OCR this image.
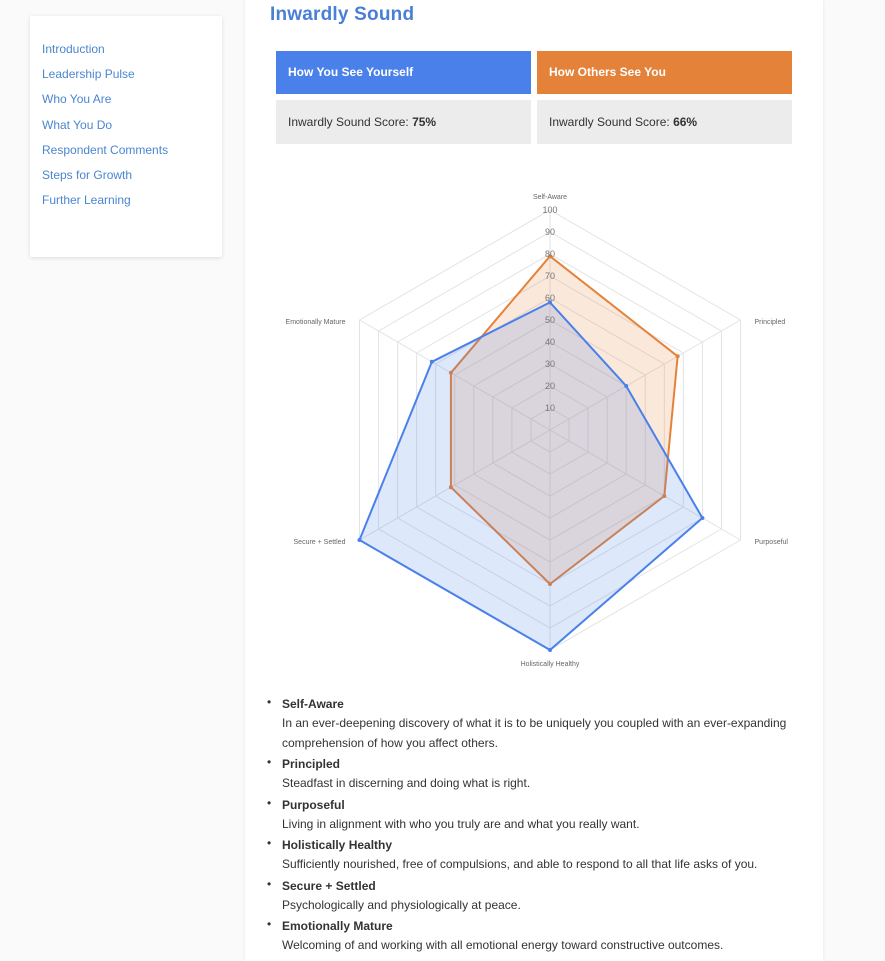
Introduction
Leadership Pulse
Who You Are
What You Do
Respondent Comments
Steps for Growth
Further Learning
Inwardly Sound
How You See Yourself
Inwardly Sound Score: 75%
How Others See You
Inwardly Sound Score: 66%
10
20
30
40
50
60
70
80
90
100
Self-Aware
Principled
Purposeful
Holistically Healthy
Secure + Settled
Emotionally Mature
• Self-Aware
In an ever-deepening discovery of what it is to be uniquely you coupled with an ever-expanding comprehension of how you affect others.
• Principled
Steadfast in discerning and doing what is right.
• Purposeful
Living in alignment with who you truly are and what you really want.
• Holistically Healthy
Sufficiently nourished, free of compulsions, and able to respond to all that life asks of you.
• Secure + Settled
Psychologically and physiologically at peace.
• Emotionally Mature
Welcoming of and working with all emotional energy toward constructive outcomes.
